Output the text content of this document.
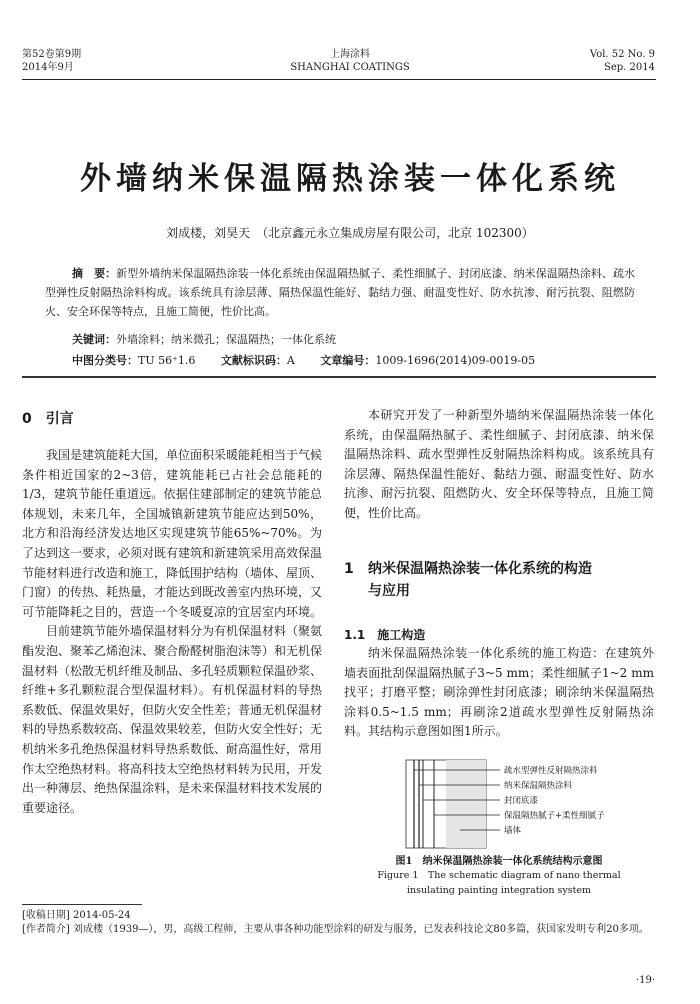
第52卷第9期
2014年9月
上海涂料
SHANGHAI COATINGS
Vol. 52 No. 9
Sep. 2014
外墙纳米保温隔热涂装一体化系统
刘成楼，刘昊天　（北京鑫元永立集成房屋有限公司，北京 102300）
摘　要：新型外墙纳米保温隔热涂装一体化系统由保温隔热腻子、柔性细腻子、封闭底漆、纳米保温隔热涂料、疏水型弹性反射隔热涂料构成。该系统具有涂层薄、隔热保温性能好、黏结力强、耐温变性好、防水抗渗、耐污抗裂、阻燃防火、安全环保等特点，且施工简便，性价比高。
关键词：外墙涂料；纳米微孔；保温隔热；一体化系统
中图分类号：TU 56⁺1.6 文献标识码：A 文章编号：1009-1696(2014)09-0019-05
0　引言

我国是建筑能耗大国，单位面积采暖能耗相当于气候条件相近国家的2~3倍，建筑能耗已占社会总能耗的1/3，建筑节能任重道远。依据住建部制定的建筑节能总体规划，未来几年，全国城镇新建筑节能应达到50%，北方和沿海经济发达地区实现建筑节能65%~70%。为了达到这一要求，必须对既有建筑和新建筑采用高效保温节能材料进行改造和施工，降低围护结构（墙体、屋顶、门窗）的传热、耗热量，才能达到既改善室内热环境，又可节能降耗之目的，营造一个冬暖夏凉的宜居室内环境。

目前建筑节能外墙保温材料分为有机保温材料（聚氨酯发泡、聚苯乙烯泡沫、聚合酚醛树脂泡沫等）和无机保温材料（松散无机纤维及制品、多孔轻质颗粒保温砂浆、纤维+多孔颗粒混合型保温材料）。有机保温材料的导热系数低、保温效果好，但防火安全性差；普通无机保温材料的导热系数较高、保温效果较差，但防火安全性好；无机纳米多孔绝热保温材料导热系数低、耐高温性好，常用作太空绝热材料。将高科技太空绝热材料转为民用，开发出一种薄层、绝热保温涂料，是未来保温材料技术发展的重要途径。

本研究开发了一种新型外墙纳米保温隔热涂装一体化系统，由保温隔热腻子、柔性细腻子、封闭底漆、纳米保温隔热涂料、疏水型弹性反射隔热涂料构成。该系统具有涂层薄、隔热保温性能好、黏结力强、耐温变性好、防水抗渗、耐污抗裂、阻燃防火、安全环保等特点，且施工简便，性价比高。

1 纳米保温隔热涂装一体化系统的构造
与应用
1.1　施工构造

纳米保温隔热涂装一体化系统的施工构造：在建筑外墙表面批刮保温隔热腻子3~5 mm；柔性细腻子1~2 mm找平；打磨平整；刷涂弹性封闭底漆；刷涂纳米保温隔热涂料0.5~1.5 mm；再刷涂2道疏水型弹性反射隔热涂料。其结构示意图如图1所示。

疏水型弹性反射隔热涂料
纳米保温隔热涂料
封闭底漆
保温隔热腻子+柔性细腻子
墙体
图1　纳米保温隔热涂装一体化系统结构示意图
Figure 1　The schematic diagram of nano thermal
insulating painting integration system
[收稿日期] 2014-05-24
[作者简介] 刘成楼（1939—），男，高级工程师，主要从事各种功能型涂料的研发与服务，已发表科技论文80多篇，获国家发明专利20多项。
·19·
